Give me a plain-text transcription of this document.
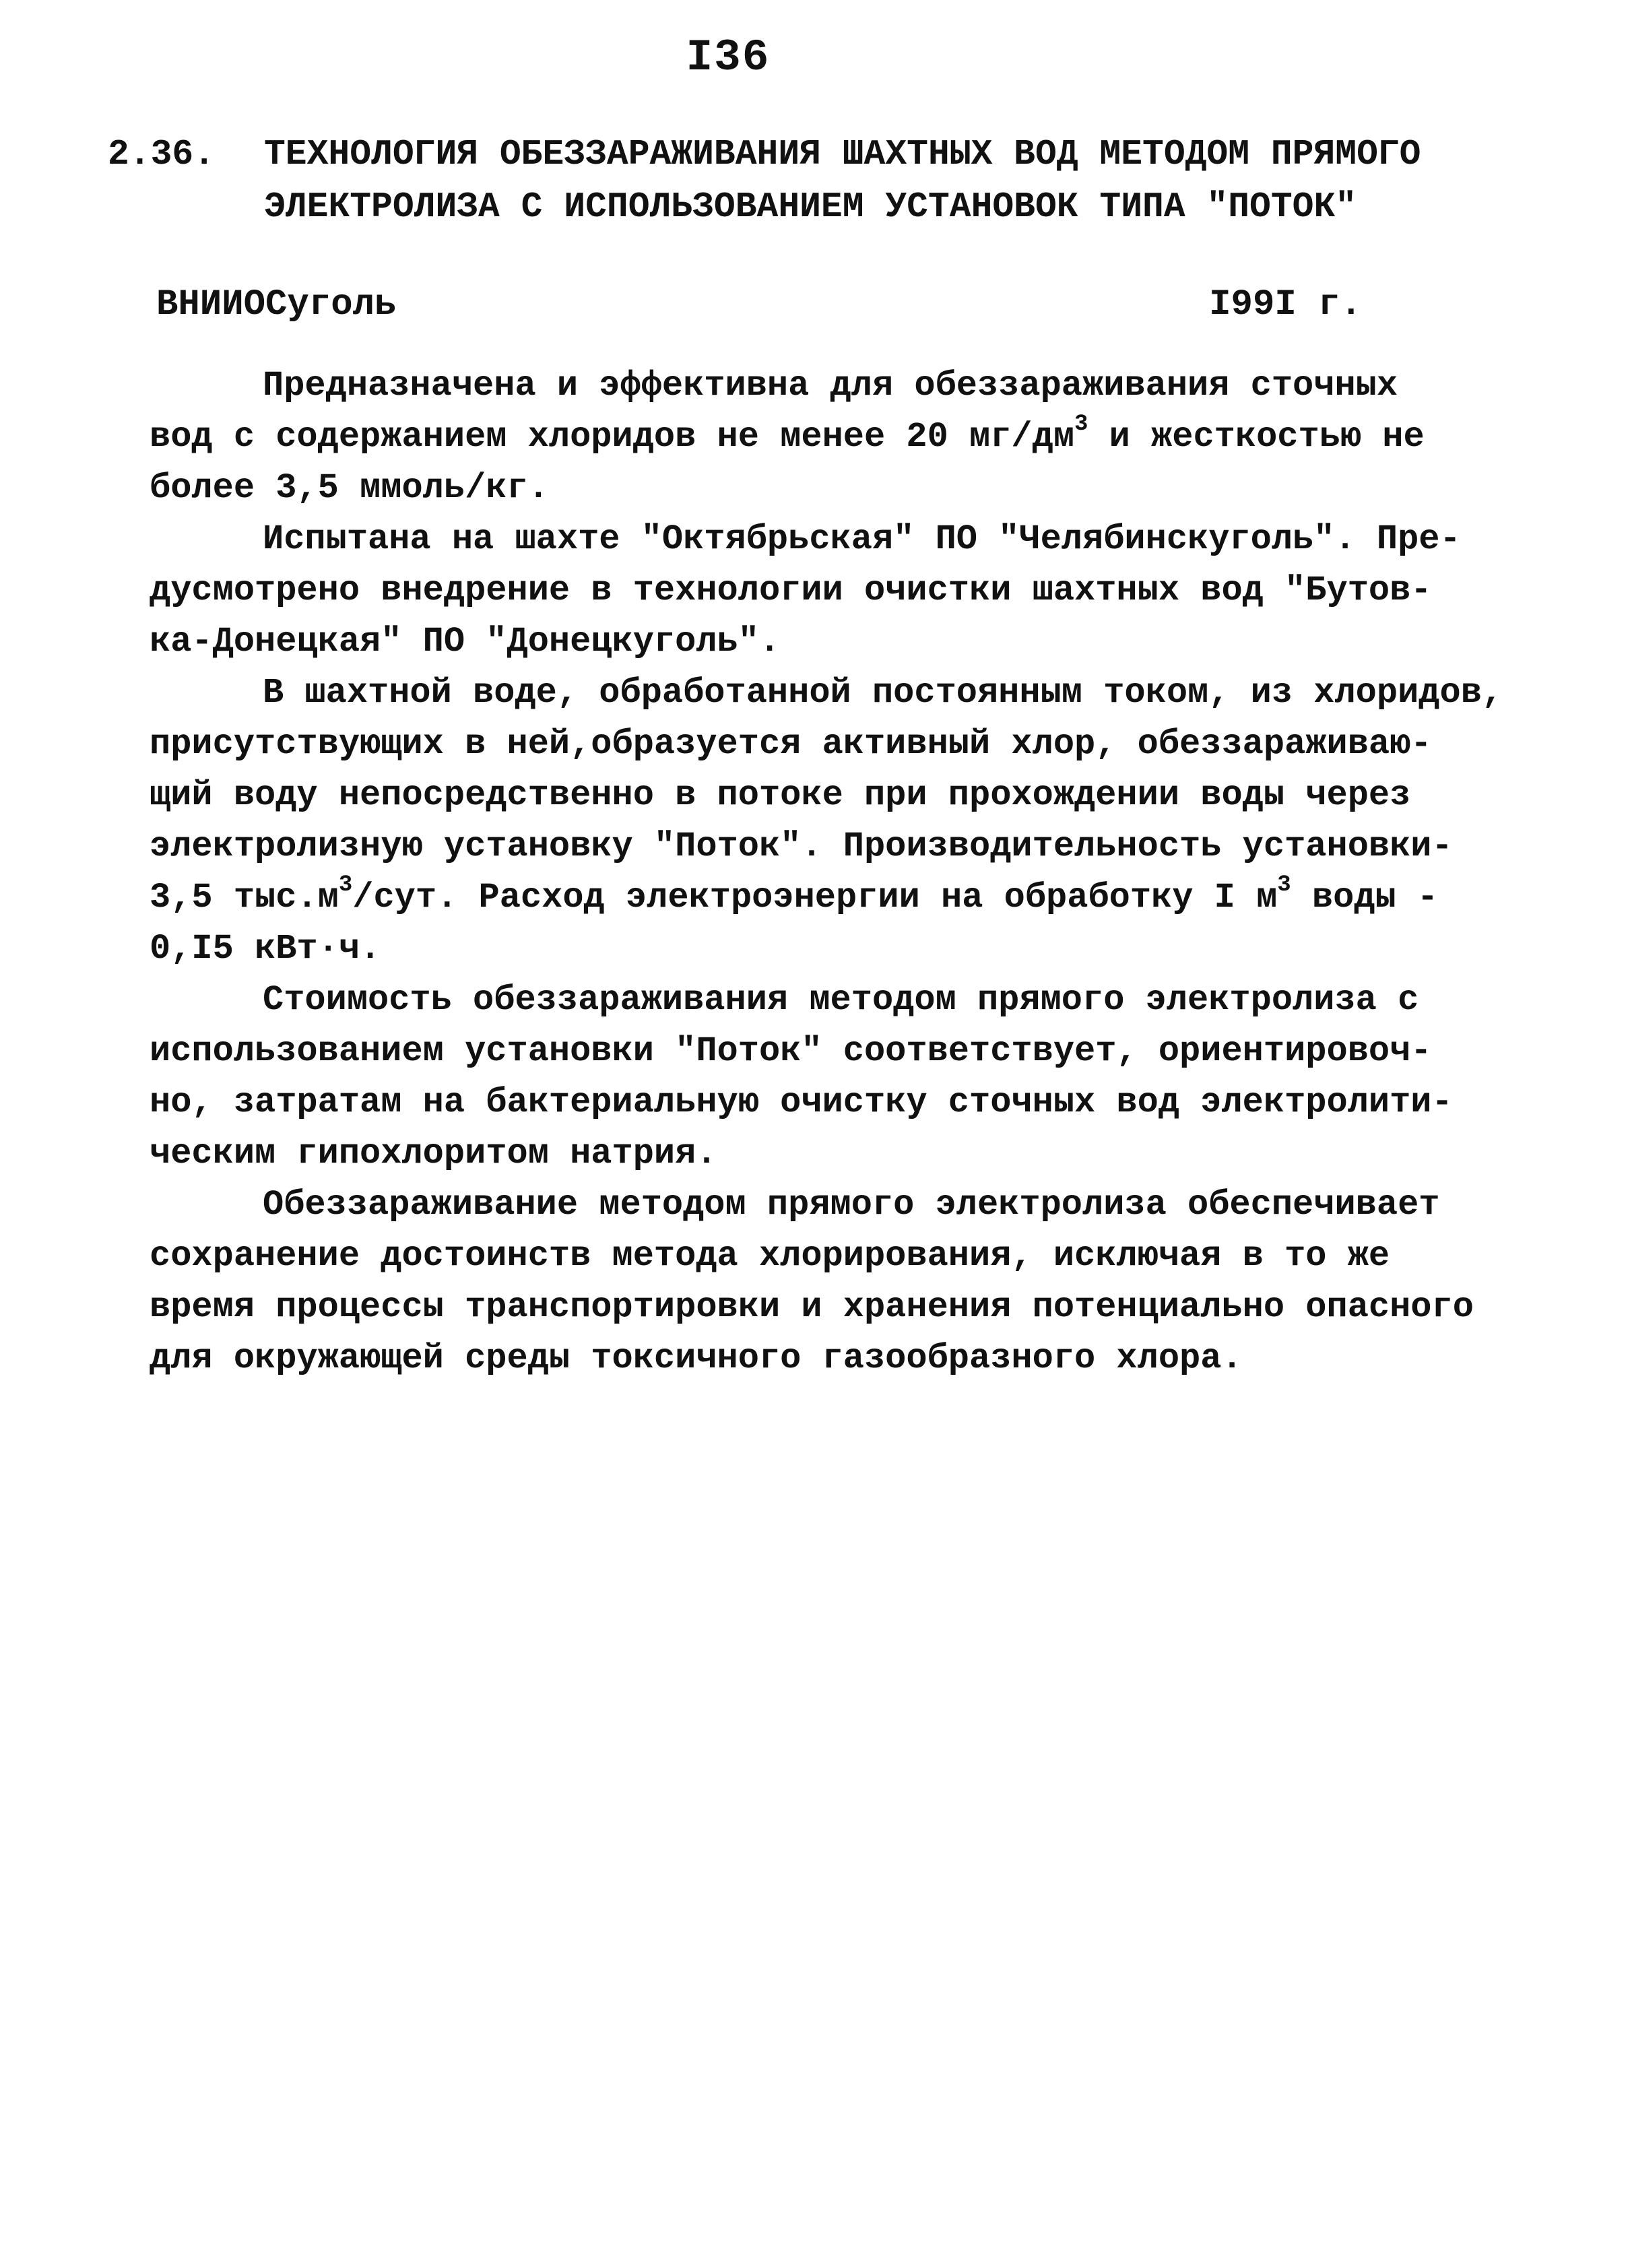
I36
2.36. ТЕХНОЛОГИЯ ОБЕЗЗАРАЖИВАНИЯ ШАХТНЫХ ВОД МЕТОДОМ ПРЯМОГО
ЭЛЕКТРОЛИЗА С ИСПОЛЬЗОВАНИЕМ УСТАНОВОК ТИПА "ПОТОК"
ВНИИОСуголь	I99I г.

Предназначена и эффективна для обеззараживания сточных
вод с содержанием хлоридов не менее 20 $мг/дм^3$ и жесткостью не
более 3,5 ммоль/кг.

Испытана на шахте "Октябрьская" ПО "Челябинскуголь". Пре-
дусмотрено внедрение в технологии очистки шахтных вод "Бутов-
ка-Донецкая" ПО "Донецкуголь".

В шахтной воде, обработанной постоянным током, из хлоридов,
присутствующих в ней,образуется активный хлор, обеззараживаю-
щий воду непосредственно в потоке при прохождении воды через
электролизную установку "Поток". Производительность установки-
3,5 $тыс.м^3$/сут. Расход электроэнергии на обработку I $м^3$ воды -
0,I5 кВт·ч.

Стоимость обеззараживания методом прямого электролиза с
использованием установки "Поток" соответствует, ориентировоч-
но, затратам на бактериальную очистку сточных вод электролити-
ческим гипохлоритом натрия.

Обеззараживание методом прямого электролиза обеспечивает
сохранение достоинств метода хлорирования, исключая в то же
время процессы транспортировки и хранения потенциально опасного
для окружающей среды токсичного газообразного хлора.
